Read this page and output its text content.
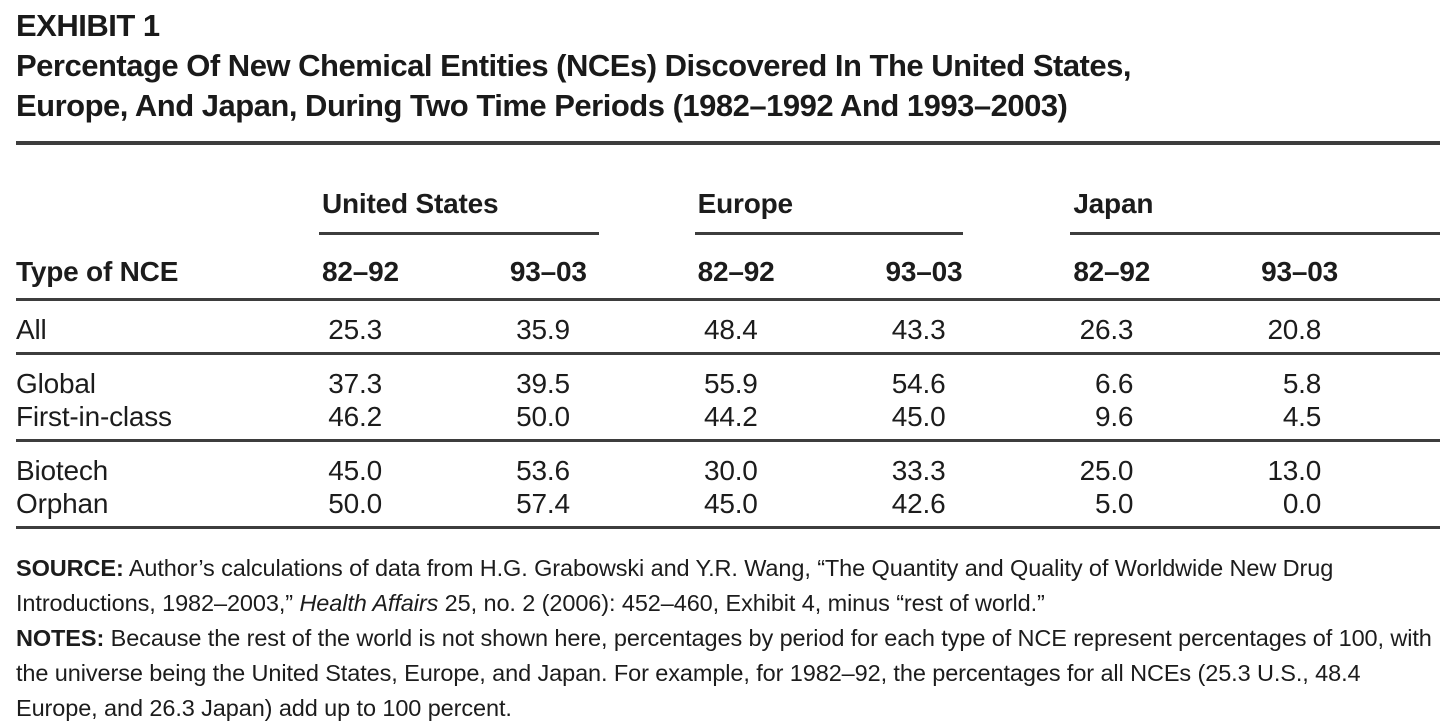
EXHIBIT 1
Percentage Of New Chemical Entities (NCEs) Discovered In The United States,
Europe, And Japan, During Two Time Periods (1982–1992 And 1993–2003)

	United States		Europe		Japan	

Type of NCE	82–92	93–03	82–92	93–03	82–92	93–03
All	25.3	35.9	48.4	43.3	26.3	20.8
Global	37.3	39.5	55.9	54.6	6.6	5.8
First-in-class	46.2	50.0	44.2	45.0	9.6	4.5
Biotech	45.0	53.6	30.0	33.3	25.0	13.0
Orphan	50.0	57.4	45.0	42.6	5.0	0.0

SOURCE: Author’s calculations of data from H.G. Grabowski and Y.R. Wang, “The Quantity and Quality of Worldwide New Drug Introductions, 1982–2003,” Health Affairs 25, no. 2 (2006): 452–460, Exhibit 4, minus “rest of world.”

NOTES: Because the rest of the world is not shown here, percentages by period for each type of NCE represent percentages of 100, with the universe being the United States, Europe, and Japan. For example, for 1982–92, the percentages for all NCEs (25.3 U.S., 48.4 Europe, and 26.3 Japan) add up to 100 percent.
